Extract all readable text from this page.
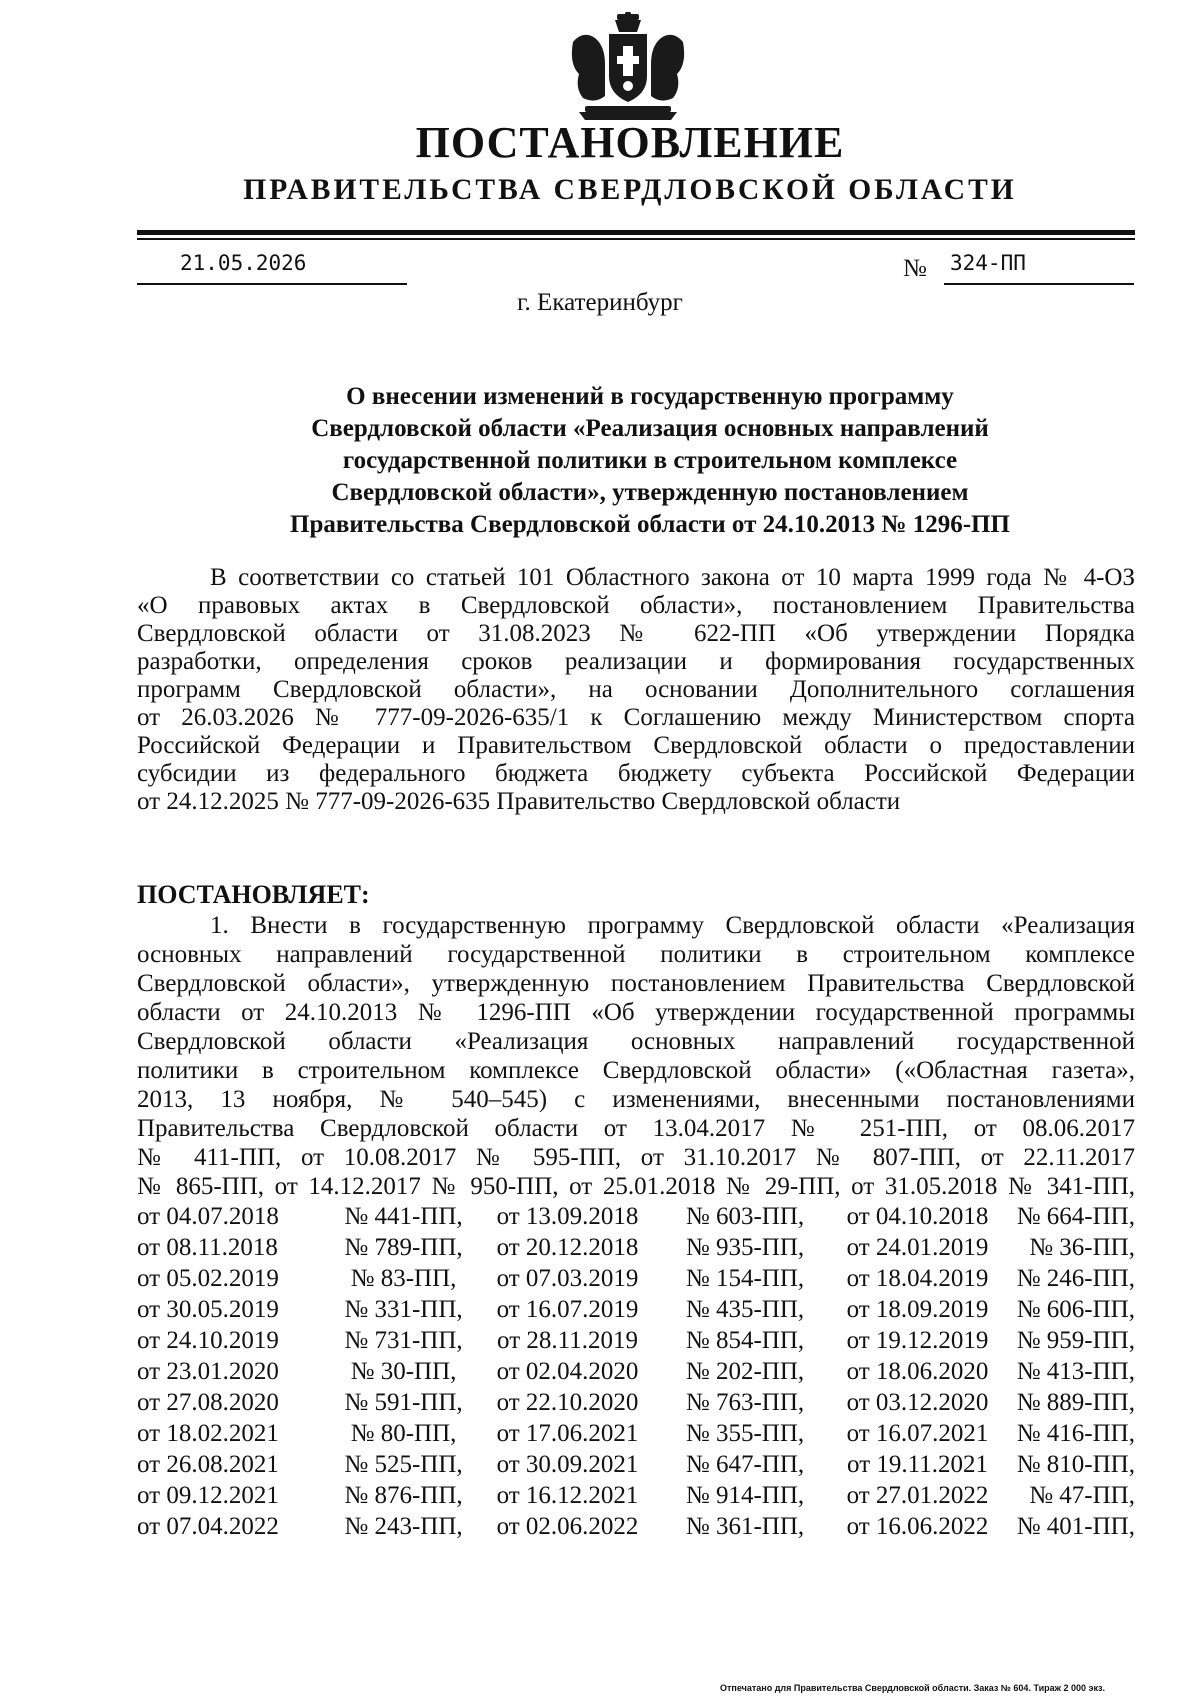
ПОСТАНОВЛЕНИЕ
ПРАВИТЕЛЬСТВА СВЕРДЛОВСКОЙ ОБЛАСТИ
21.05.2026	№ 324-ПП
г. Екатеринбург
О внесении изменений в государственную программу
Свердловской области «Реализация основных направлений
государственной политики в строительном комплексе
Свердловской области», утвержденную постановлением
Правительства Свердловской области от 24.10.2013 № 1296-ПП
В соответствии со статьей 101 Областного закона от 10 марта 1999 года № 4-ОЗ
«О правовых актах в Свердловской области», постановлением Правительства
Свердловской области от 31.08.2023 № 622-ПП «Об утверждении Порядка
разработки, определения сроков реализации и формирования государственных
программ Свердловской области», на основании Дополнительного соглашения
от 26.03.2026 № 777-09-2026-635/1 к Соглашению между Министерством спорта
Российской Федерации и Правительством Свердловской области о предоставлении
субсидии из федерального бюджета бюджету субъекта Российской Федерации
от 24.12.2025 № 777-09-2026-635 Правительство Свердловской области
ПОСТАНОВЛЯЕТ:
1. Внести в государственную программу Свердловской области «Реализация
основных направлений государственной политики в строительном комплексе
Свердловской области», утвержденную постановлением Правительства Свердловской
области от 24.10.2013 № 1296-ПП «Об утверждении государственной программы
Свердловской области «Реализация основных направлений государственной
политики в строительном комплексе Свердловской области» («Областная газета»,
2013, 13 ноября, № 540–545) с изменениями, внесенными постановлениями
Правительства Свердловской области от 13.04.2017 № 251-ПП, от 08.06.2017
№ 411-ПП, от 10.08.2017 № 595-ПП, от 31.10.2017 № 807-ПП, от 22.11.2017
№ 865-ПП, от 14.12.2017 № 950-ПП, от 25.01.2018 № 29-ПП, от 31.05.2018 № 341-ПП,
от 04.07.2018	№ 441-ПП,	от 13.09.2018	№ 603-ПП,	от 04.10.2018	№ 664-ПП,
от 08.11.2018	№ 789-ПП,	от 20.12.2018	№ 935-ПП,	от 24.01.2019	№ 36-ПП,
от 05.02.2019	№ 83-ПП,	от 07.03.2019	№ 154-ПП,	от 18.04.2019	№ 246-ПП,
от 30.05.2019	№ 331-ПП,	от 16.07.2019	№ 435-ПП,	от 18.09.2019	№ 606-ПП,
от 24.10.2019	№ 731-ПП,	от 28.11.2019	№ 854-ПП,	от 19.12.2019	№ 959-ПП,
от 23.01.2020	№ 30-ПП,	от 02.04.2020	№ 202-ПП,	от 18.06.2020	№ 413-ПП,
от 27.08.2020	№ 591-ПП,	от 22.10.2020	№ 763-ПП,	от 03.12.2020	№ 889-ПП,
от 18.02.2021	№ 80-ПП,	от 17.06.2021	№ 355-ПП,	от 16.07.2021	№ 416-ПП,
от 26.08.2021	№ 525-ПП,	от 30.09.2021	№ 647-ПП,	от 19.11.2021	№ 810-ПП,
от 09.12.2021	№ 876-ПП,	от 16.12.2021	№ 914-ПП,	от 27.01.2022	№ 47-ПП,
от 07.04.2022	№ 243-ПП,	от 02.06.2022	№ 361-ПП,	от 16.06.2022	№ 401-ПП,
Отпечатано для Правительства Свердловской области. Заказ № 604. Тираж 2 000 экз.
